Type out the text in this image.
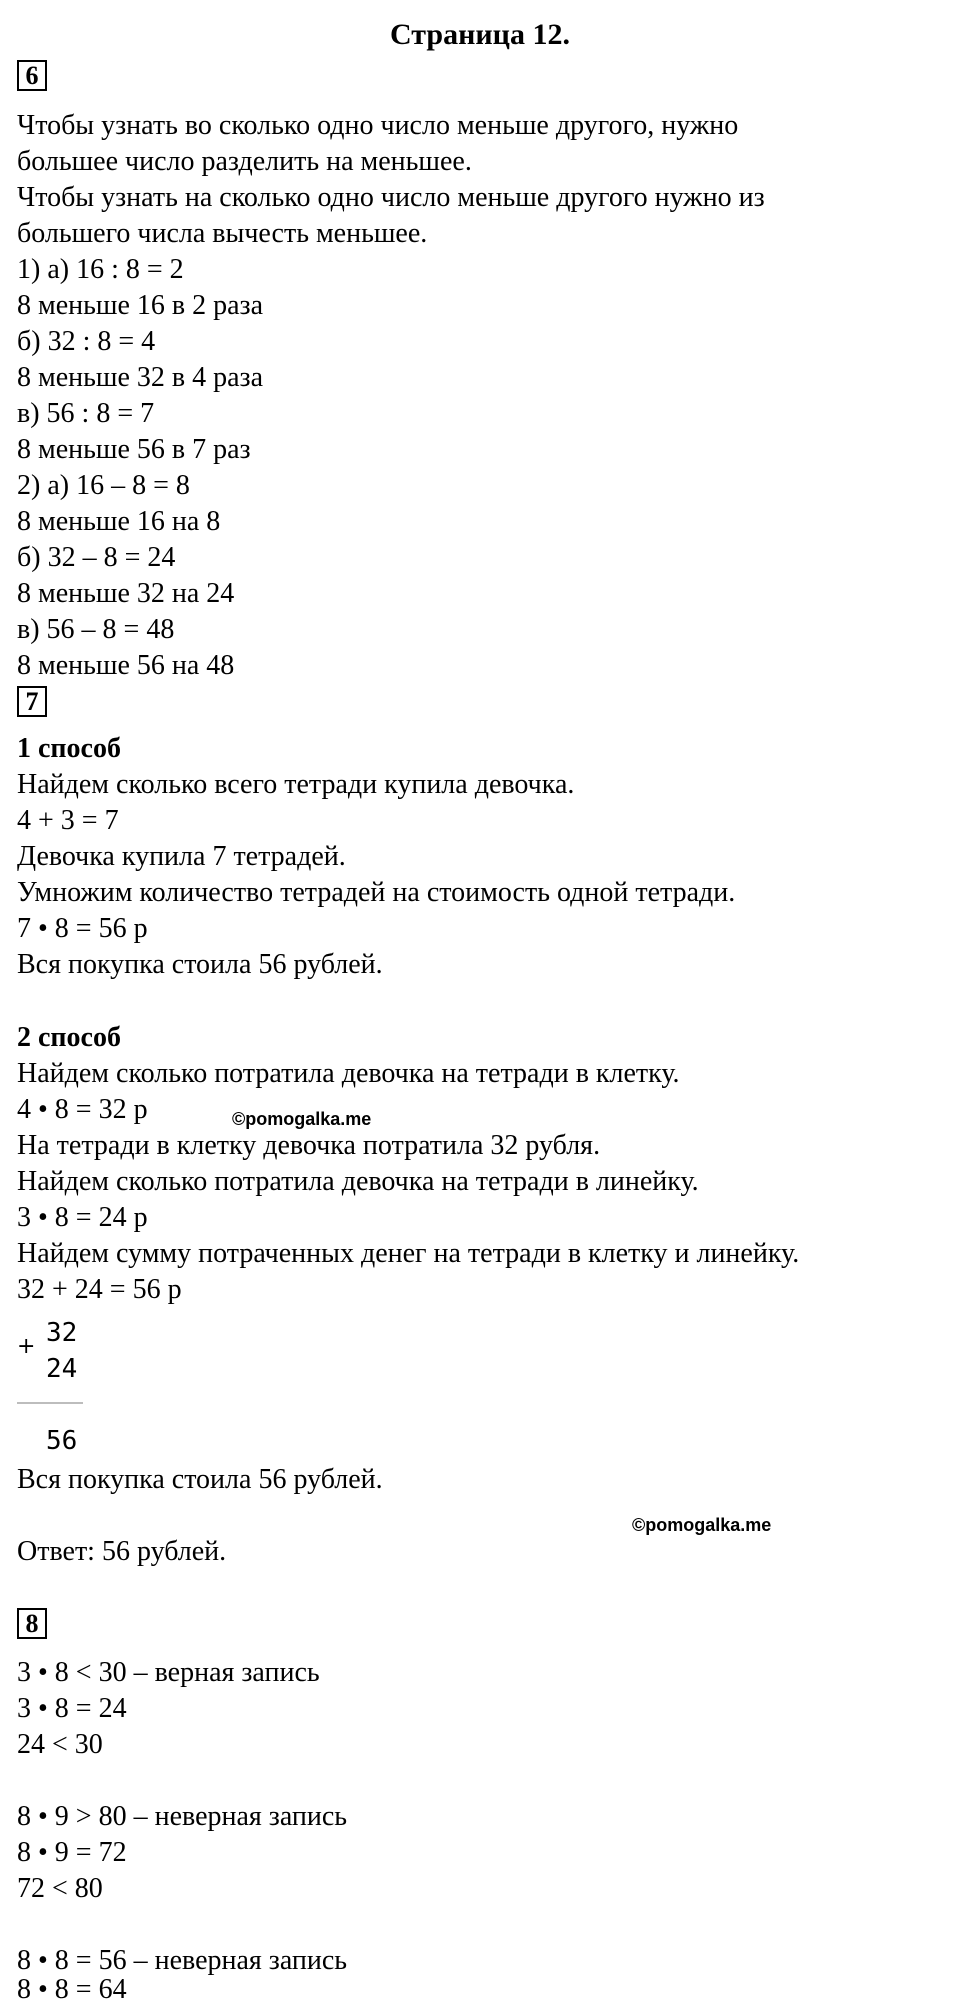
Страница 12.
6
Чтобы узнать во сколько одно число меньше другого, нужно
большее число разделить на меньшее.
Чтобы узнать на сколько одно число меньше другого нужно из
большего числа вычесть меньшее.
1) а) 16 : 8 = 2
8 меньше 16 в 2 раза
б) 32 : 8 = 4
8 меньше 32 в 4 раза
в) 56 : 8 = 7
8 меньше 56 в 7 раз
2) а) 16 – 8 = 8
8 меньше 16 на 8
б) 32 – 8 = 24
8 меньше 32 на 24
в) 56 – 8 = 48
8 меньше 56 на 48
7
1 способ
Найдем сколько всего тетради купила девочка.
4 + 3 = 7
Девочка купила 7 тетрадей.
Умножим количество тетрадей на стоимость одной тетради.
7 • 8 = 56 р
Вся покупка стоила 56 рублей.
2 способ
Найдем сколько потратила девочка на тетради в клетку.
4 • 8 = 32 р	©pomogalka.me
На тетради в клетку девочка потратила 32 рубля.
Найдем сколько потратила девочка на тетради в линейку.
3 • 8 = 24 р
Найдем сумму потраченных денег на тетради в клетку и линейку.
32 + 24 = 56 р
+ 32
24
56
Вся покупка стоила 56 рублей.
©pomogalka.me
Ответ: 56 рублей.
8
3 • 8 < 30 – верная запись
3 • 8 = 24
24 < 30
8 • 9 > 80 – неверная запись
8 • 9 = 72
72 < 80
8 • 8 = 56 – неверная запись
8 • 8 = 64
